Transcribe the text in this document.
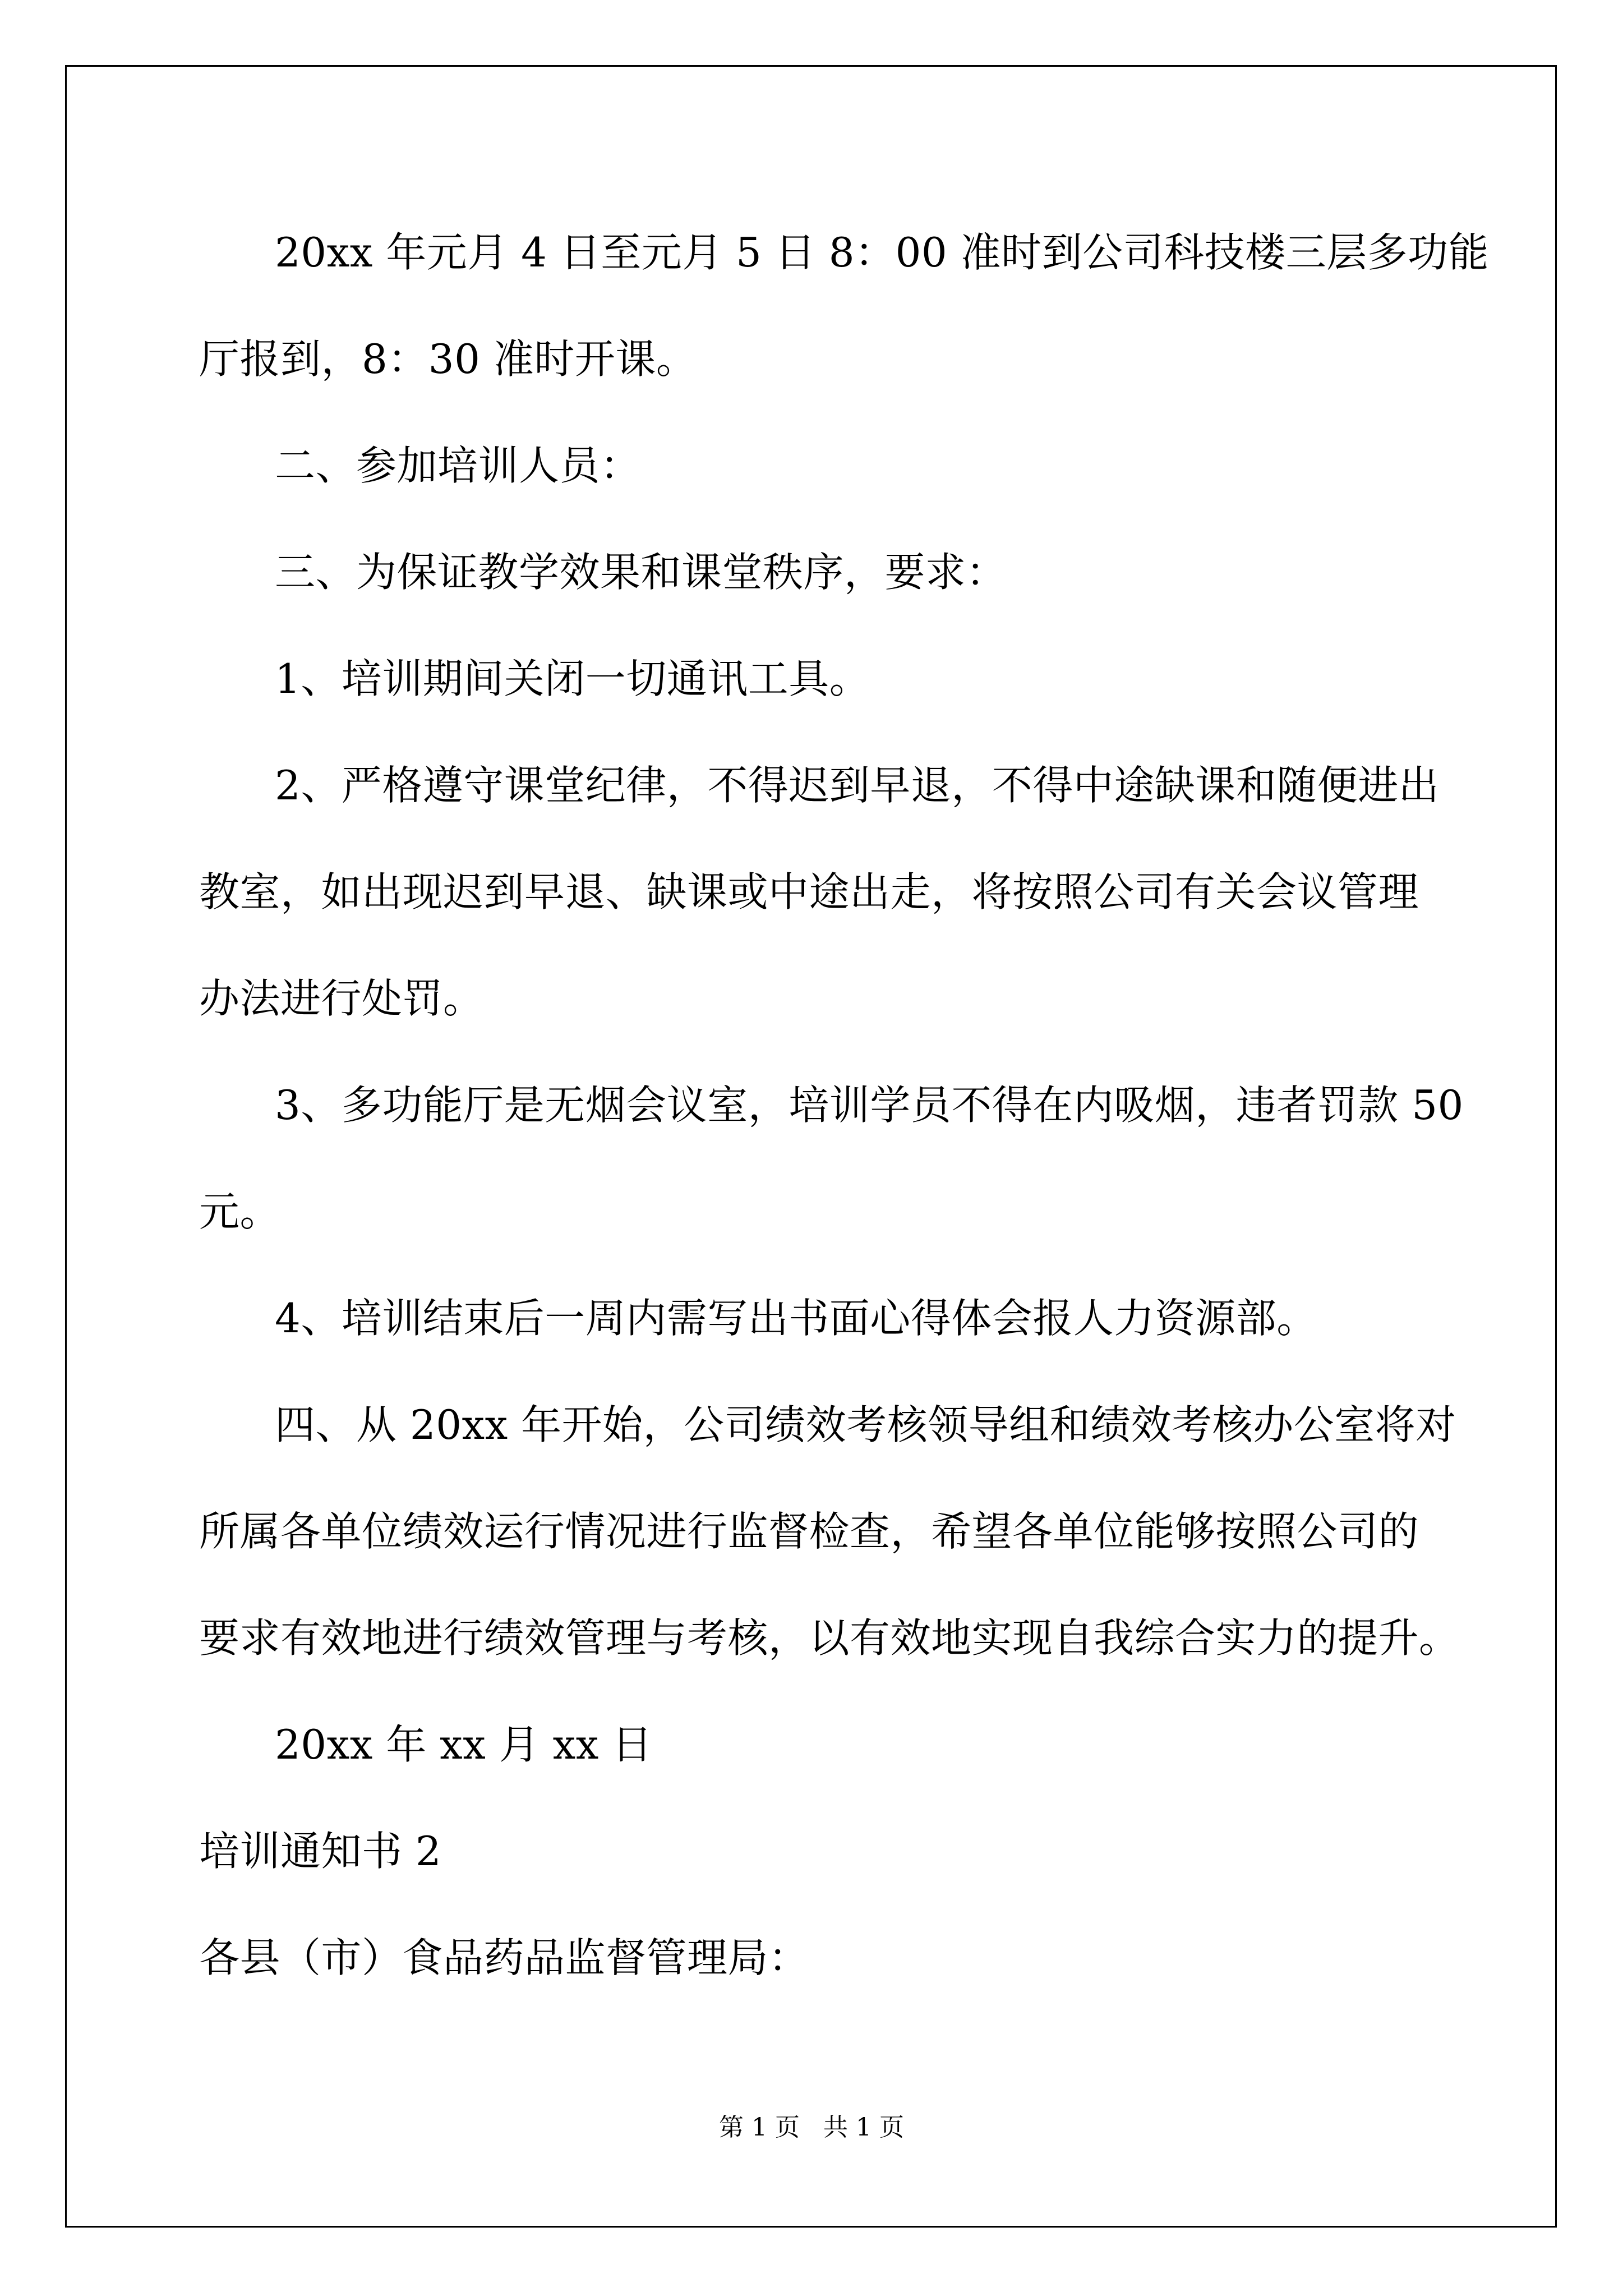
20xx 年元月 4 日至元月 5 日 8：00 准时到公司科技楼三层多功能
厅报到，8：30 准时开课。
二、参加培训人员：
三、为保证教学效果和课堂秩序，要求：
1、培训期间关闭一切通讯工具。
2、严格遵守课堂纪律，不得迟到早退，不得中途缺课和随便进出
教室，如出现迟到早退、缺课或中途出走，将按照公司有关会议管理
办法进行处罚。
3、多功能厅是无烟会议室，培训学员不得在内吸烟，违者罚款 50
元。
4、培训结束后一周内需写出书面心得体会报人力资源部。
四、从 20xx 年开始，公司绩效考核领导组和绩效考核办公室将对
所属各单位绩效运行情况进行监督检查，希望各单位能够按照公司的
要求有效地进行绩效管理与考核，以有效地实现自我综合实力的提升。
20xx 年 xx 月 xx 日
培训通知书 2
各县（市）食品药品监督管理局：
第 1 页   共 1 页
